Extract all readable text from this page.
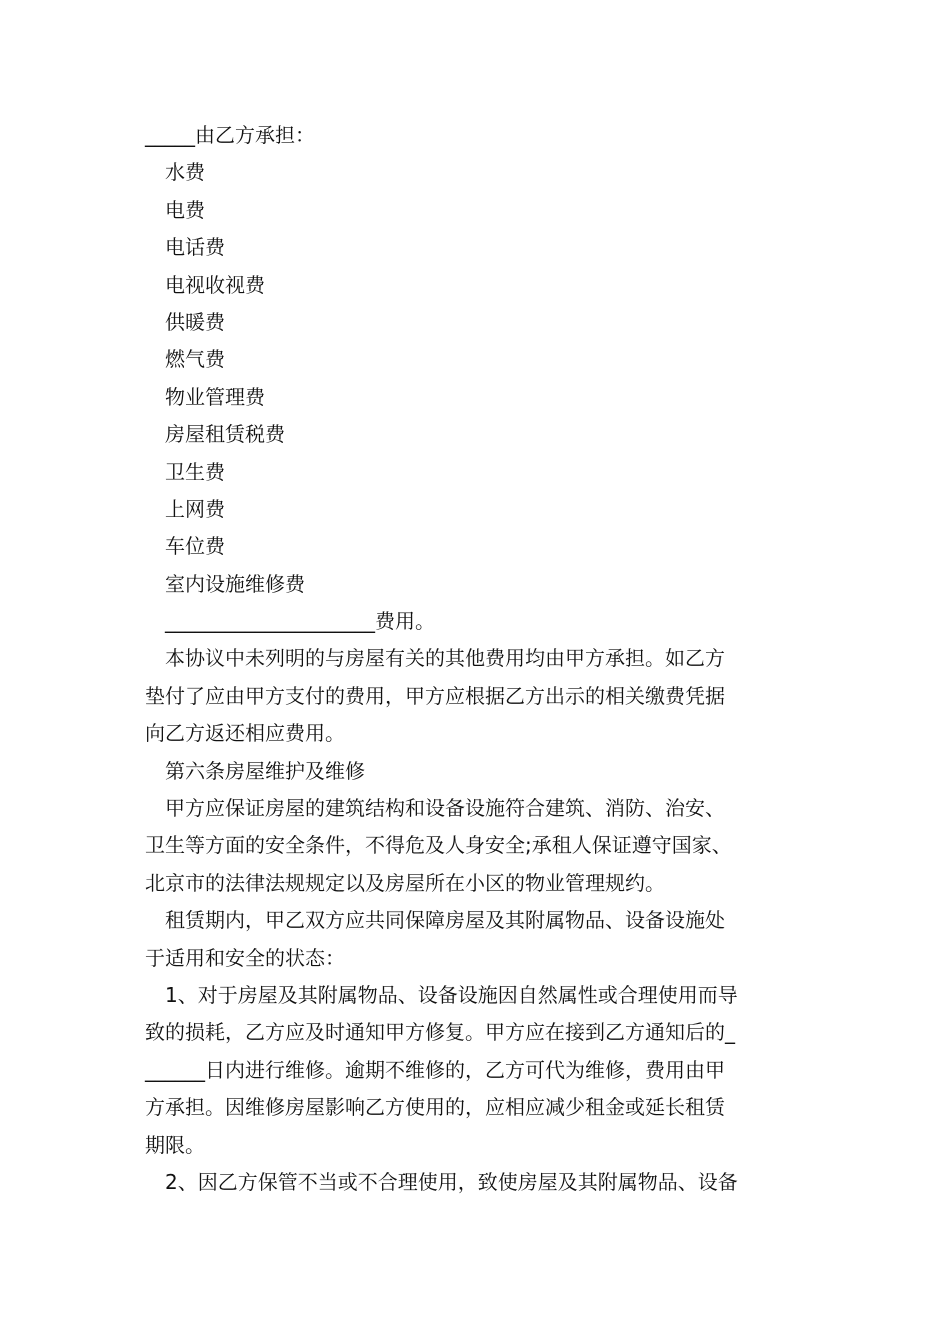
_____由乙方承担：
水费
电费
电话费
电视收视费
供暖费
燃气费
物业管理费
房屋租赁税费
卫生费
上网费
车位费
室内设施维修费
_____________________费用。
本协议中未列明的与房屋有关的其他费用均由甲方承担。如乙方
垫付了应由甲方支付的费用，甲方应根据乙方出示的相关缴费凭据
向乙方返还相应费用。
第六条房屋维护及维修
甲方应保证房屋的建筑结构和设备设施符合建筑、消防、治安、
卫生等方面的安全条件，不得危及人身安全;承租人保证遵守国家、
北京市的法律法规规定以及房屋所在小区的物业管理规约。
租赁期内，甲乙双方应共同保障房屋及其附属物品、设备设施处
于适用和安全的状态：
1、对于房屋及其附属物品、设备设施因自然属性或合理使用而导
致的损耗，乙方应及时通知甲方修复。甲方应在接到乙方通知后的_
______日内进行维修。逾期不维修的，乙方可代为维修，费用由甲
方承担。因维修房屋影响乙方使用的，应相应减少租金或延长租赁
期限。
2、因乙方保管不当或不合理使用，致使房屋及其附属物品、设备
